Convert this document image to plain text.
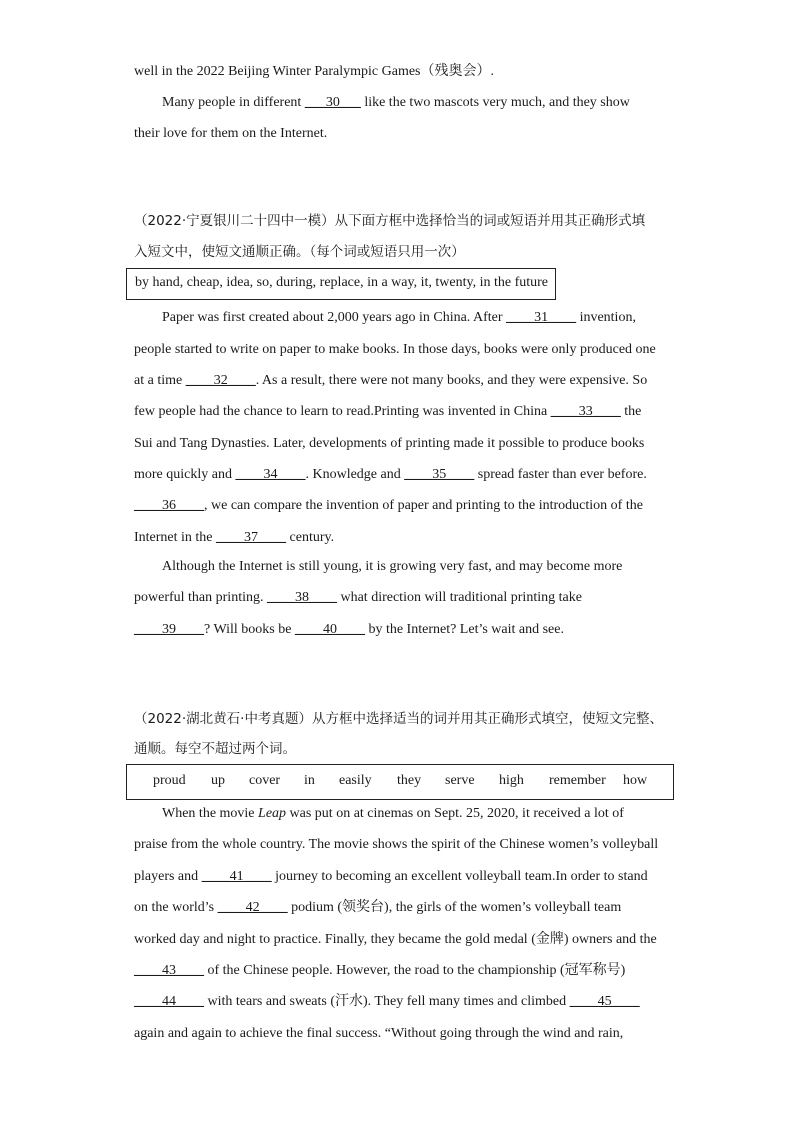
well in the 2022 Beijing Winter Paralympic Games（残奥会）.
Many people in different ___30___ like the two mascots very much, and they show
their love for them on the Internet.
（2022·宁夏银川二十四中一模）从下面方框中选择恰当的词或短语并用其正确形式填
入短文中，使短文通顺正确。（每个词或短语只用一次）
by hand, cheap, idea, so, during, replace, in a way, it, twenty, in the future
Paper was first created about 2,000 years ago in China. After ____31____ invention,
people started to write on paper to make books. In those days, books were only produced one
at a time ____32____. As a result, there were not many books, and they were expensive. So
few people had the chance to learn to read.Printing was invented in China ____33____ the
Sui and Tang Dynasties. Later, developments of printing made it possible to produce books
more quickly and ____34____. Knowledge and ____35____ spread faster than ever before.
____36____, we can compare the invention of paper and printing to the introduction of the
Internet in the ____37____ century.
Although the Internet is still young, it is growing very fast, and may become more
powerful than printing. ____38____ what direction will traditional printing take
____39____? Will books be ____40____ by the Internet? Let’s wait and see.
（2022·湖北黄石·中考真题）从方框中选择适当的词并用其正确形式填空，使短文完整、
通顺。每空不超过两个词。
proud up cover in easily they serve high remember how
When the movie Leap was put on at cinemas on Sept. 25, 2020, it received a lot of
praise from the whole country. The movie shows the spirit of the Chinese women’s volleyball
players and ____41____ journey to becoming an excellent volleyball team.In order to stand
on the world’s ____42____ podium (领奖台), the girls of the women’s volleyball team
worked day and night to practice. Finally, they became the gold medal (金牌) owners and the
____43____ of the Chinese people. However, the road to the championship (冠军称号)
____44____ with tears and sweats (汗水). They fell many times and climbed ____45____
again and again to achieve the final success. “Without going through the wind and rain,
